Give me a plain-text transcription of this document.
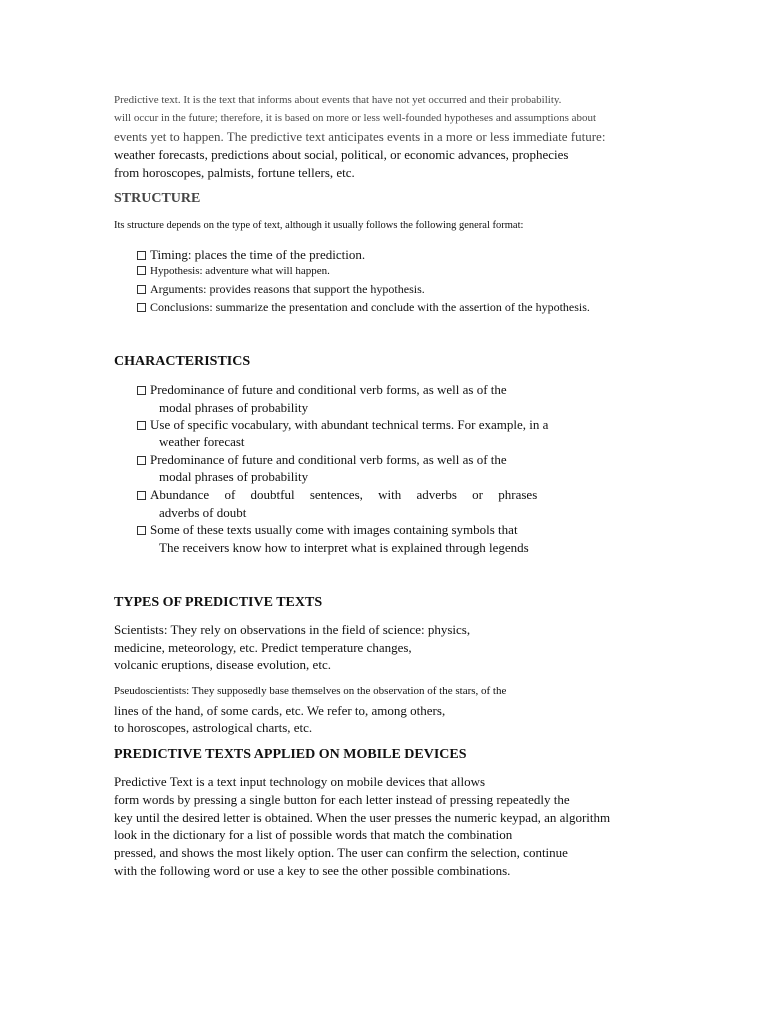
Predictive text. It is the text that informs about events that have not yet occurred and their probability.

will occur in the future; therefore, it is based on more or less well-founded hypotheses and assumptions about

events yet to happen. The predictive text anticipates events in a more or less immediate future:

weather forecasts, predictions about social, political, or economic advances, prophecies

from horoscopes, palmists, fortune tellers, etc.

STRUCTURE

Its structure depends on the type of text, although it usually follows the following general format:

Timing: places the time of the prediction.

Hypothesis: adventure what will happen.

Arguments: provides reasons that support the hypothesis.

Conclusions: summarize the presentation and conclude with the assertion of the hypothesis.

CHARACTERISTICS

Predominance of future and conditional verb forms, as well as of the

modal phrases of probability

Use of specific vocabulary, with abundant technical terms. For example, in a

weather forecast

Predominance of future and conditional verb forms, as well as of the

modal phrases of probability

Abundance of doubtful sentences, with adverbs or phrases

adverbs of doubt

Some of these texts usually come with images containing symbols that

The receivers know how to interpret what is explained through legends

TYPES OF PREDICTIVE TEXTS

Scientists: They rely on observations in the field of science: physics,

medicine, meteorology, etc. Predict temperature changes,

volcanic eruptions, disease evolution, etc.

Pseudoscientists: They supposedly base themselves on the observation of the stars, of the

lines of the hand, of some cards, etc. We refer to, among others,

to horoscopes, astrological charts, etc.

PREDICTIVE TEXTS APPLIED ON MOBILE DEVICES

Predictive Text is a text input technology on mobile devices that allows

form words by pressing a single button for each letter instead of pressing repeatedly the

key until the desired letter is obtained. When the user presses the numeric keypad, an algorithm

look in the dictionary for a list of possible words that match the combination

pressed, and shows the most likely option. The user can confirm the selection, continue

with the following word or use a key to see the other possible combinations.
